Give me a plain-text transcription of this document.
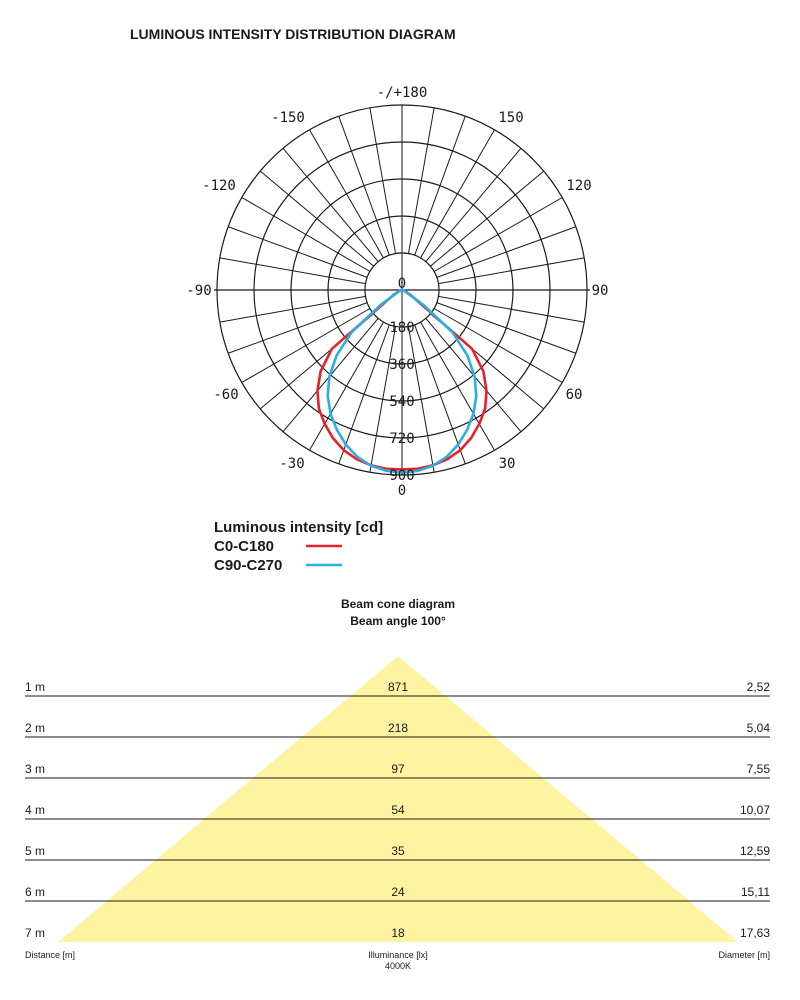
LUMINOUS INTENSITY DISTRIBUTION DIAGRAM
-/+180
150
120
90
60
30
0
-30
-60
-90
-120
-150
0
180
360
540
720
900
Luminous intensity [cd]
C0-C180
C90-C270
Beam cone diagram
Beam angle 100°
1 m	871	2,52
2 m	218	5,04
3 m	97	7,55
4 m	54	10,07
5 m	35	12,59
6 m	24	15,11
7 m	18	17,63
Distance [m]	Illuminance [lx]
4000K
Diameter [m]
